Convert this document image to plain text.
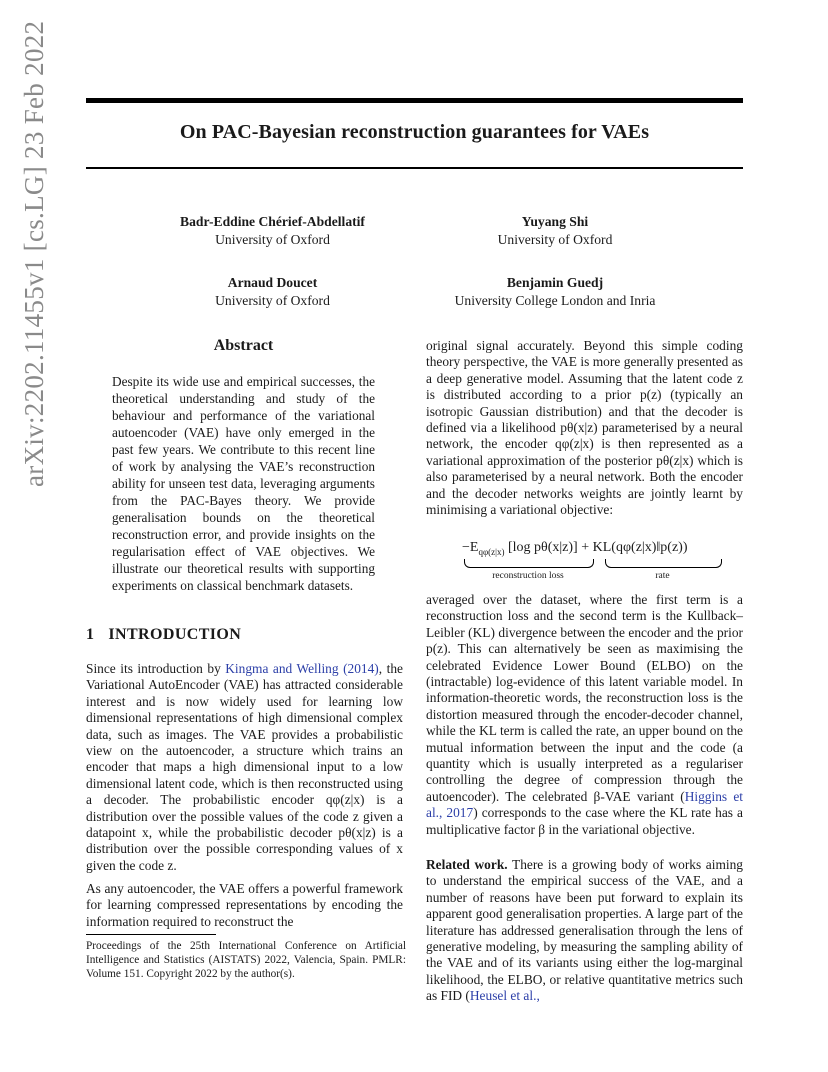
arXiv:2202.11455v1 [cs.LG] 23 Feb 2022	On PAC-Bayesian reconstruction guarantees for VAEs
Badr-Eddine Chérief-Abdellatif
University of Oxford
Yuyang Shi
University of Oxford
Arnaud Doucet
University of Oxford
Benjamin Guedj
University College London and Inria
Abstract
Despite its wide use and empirical successes, the theoretical understanding and study of the behaviour and performance of the variational autoencoder (VAE) have only emerged in the past few years. We contribute to this recent line of work by analysing the VAE’s reconstruction ability for unseen test data, leveraging arguments from the PAC-Bayes theory. We provide generalisation bounds on the theoretical reconstruction error, and provide insights on the regularisation effect of VAE objectives. We illustrate our theoretical results with supporting experiments on classical benchmark datasets.
1 INTRODUCTION
Since its introduction by Kingma and Welling (2014), the Variational AutoEncoder (VAE) has attracted considerable interest and is now widely used for learning low dimensional representations of high dimensional complex data, such as images. The VAE provides a probabilistic view on the autoencoder, a structure which trains an encoder that maps a high dimensional input to a low dimensional latent code, which is then reconstructed using a decoder. The probabilistic encoder qφ(z|x) is a distribution over the possible values of the code z given a datapoint x, while the probabilistic decoder pθ(x|z) is a distribution over the possible corresponding values of x given the code z.
As any autoencoder, the VAE offers a powerful framework for learning compressed representations by encoding the information required to reconstruct the
Proceedings of the 25th International Conference on Artificial Intelligence and Statistics (AISTATS) 2022, Valencia, Spain. PMLR: Volume 151. Copyright 2022 by the author(s).
original signal accurately. Beyond this simple coding theory perspective, the VAE is more generally presented as a deep generative model. Assuming that the latent code z is distributed according to a prior p(z) (typically an isotropic Gaussian distribution) and that the decoder is defined via a likelihood pθ(x|z) parameterised by a neural network, the encoder qφ(z|x) is then represented as a variational approximation of the posterior pθ(z|x) which is also parameterised by a neural network. Both the encoder and the decoder networks weights are jointly learnt by minimising a variational objective:
$-E_{q\varphi(z|x)}$ [log pθ(x|z)] + KL(qφ(z|x)‖p(z))
reconstruction loss	rate
averaged over the dataset, where the first term is a reconstruction loss and the second term is the Kullback–Leibler (KL) divergence between the encoder and the prior p(z). This can alternatively be seen as maximising the celebrated Evidence Lower Bound (ELBO) on the (intractable) log-evidence of this latent variable model. In information-theoretic words, the reconstruction loss is the distortion measured through the encoder-decoder channel, while the KL term is called the rate, an upper bound on the mutual information between the input and the code (a quantity which is usually interpreted as a regulariser controlling the degree of compression through the autoencoder). The celebrated β-VAE variant (Higgins et al., 2017) corresponds to the case where the KL rate has a multiplicative factor β in the variational objective.
Related work. There is a growing body of works aiming to understand the empirical success of the VAE, and a number of reasons have been put forward to explain its apparent good generalisation properties. A large part of the literature has addressed generalisation through the lens of generative modeling, by measuring the sampling ability of the VAE and of its variants using either the log-marginal likelihood, the ELBO, or relative quantitative metrics such as FID (Heusel et al.,
